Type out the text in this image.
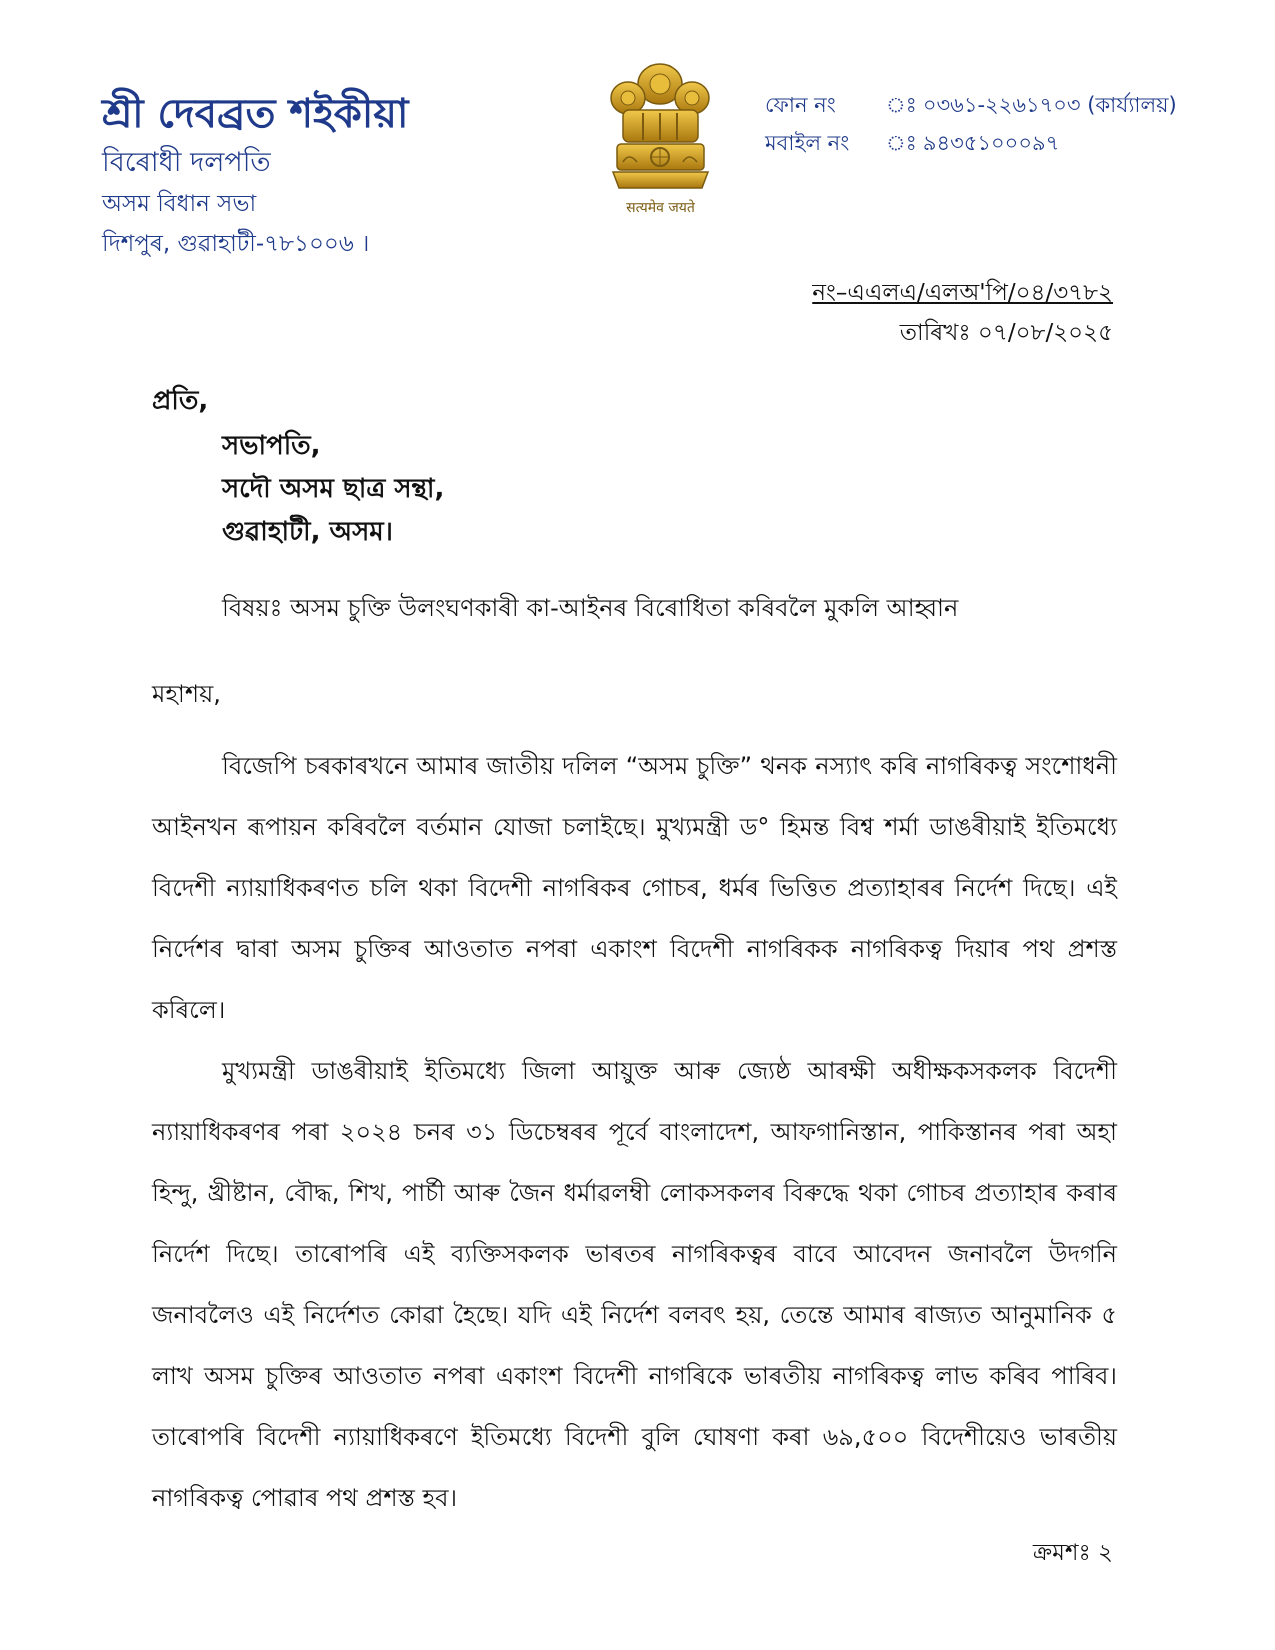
শ্ৰী দেবব্ৰত শইকীয়া
বিৰোধী দলপতি
অসম বিধান সভা
দিশপুৰ, গুৱাহাটী-৭৮১০০৬ ।
सत्यमेव जयते
ফোন নং	ঃ ০৩৬১-২২৬১৭০৩ (কাৰ্য্যালয়)
মবাইল নং	ঃ ৯৪৩৫১০০০৯৭
নং–এএলএ/এলঅ'পি/০৪/৩৭৮২
তাৰিখঃ ০৭/০৮/২০২৫
প্ৰতি,
সভাপতি,
সদৌ অসম ছাত্ৰ সন্থা,
গুৱাহাটী, অসম।
বিষয়ঃ অসম চুক্তি উলংঘণকাৰী কা-আইনৰ বিৰোধিতা কৰিবলৈ মুকলি আহ্বান
মহাশয়,

বিজেপি চৰকাৰখনে আমাৰ জাতীয় দলিল “অসম চুক্তি” থনক নস্যাৎ কৰি নাগৰিকত্ব সংশোধনী আইনখন ৰূপায়ন কৰিবলৈ বৰ্তমান যোজা চলাইছে। মুখ্যমন্ত্ৰী ড° হিমন্ত বিশ্ব শৰ্মা ডাঙৰীয়াই ইতিমধ্যে বিদেশী ন্যায়াধিকৰণত চলি থকা বিদেশী নাগৰিকৰ গোচৰ, ধৰ্মৰ ভিত্তিত প্ৰত্যাহাৰৰ নিৰ্দেশ দিছে। এই নিৰ্দেশৰ দ্বাৰা অসম চুক্তিৰ আওতাত নপৰা একাংশ বিদেশী নাগৰিকক নাগৰিকত্ব দিয়াৰ পথ প্ৰশস্ত কৰিলে।

মুখ্যমন্ত্ৰী ডাঙৰীয়াই ইতিমধ্যে জিলা আয়ুক্ত আৰু জ্যেষ্ঠ আৰক্ষী অধীক্ষকসকলক বিদেশী ন্যায়াধিকৰণৰ পৰা ২০২৪ চনৰ ৩১ ডিচেম্বৰৰ পূৰ্বে বাংলাদেশ, আফগানিস্তান, পাকিস্তানৰ পৰা অহা হিন্দু, খ্ৰীষ্টান, বৌদ্ধ, শিখ, পাৰ্চী আৰু জৈন ধৰ্মাৱলম্বী লোকসকলৰ বিৰুদ্ধে থকা গোচৰ প্ৰত্যাহাৰ কৰাৰ নিৰ্দেশ দিছে। তাৰোপৰি এই ব্যক্তিসকলক ভাৰতৰ নাগৰিকত্বৰ বাবে আবেদন জনাবলৈ উদগনি জনাবলৈও এই নিৰ্দেশত কোৱা হৈছে। যদি এই নিৰ্দেশ বলবৎ হয়, তেন্তে আমাৰ ৰাজ্যত আনুমানিক ৫ লাখ অসম চুক্তিৰ আওতাত নপৰা একাংশ বিদেশী নাগৰিকে ভাৰতীয় নাগৰিকত্ব লাভ কৰিব পাৰিব। তাৰোপৰি বিদেশী ন্যায়াধিকৰণে ইতিমধ্যে বিদেশী বুলি ঘোষণা কৰা ৬৯,৫০০ বিদেশীয়েও ভাৰতীয় নাগৰিকত্ব পোৱাৰ পথ প্ৰশস্ত হব।

ক্ৰমশঃ ২
